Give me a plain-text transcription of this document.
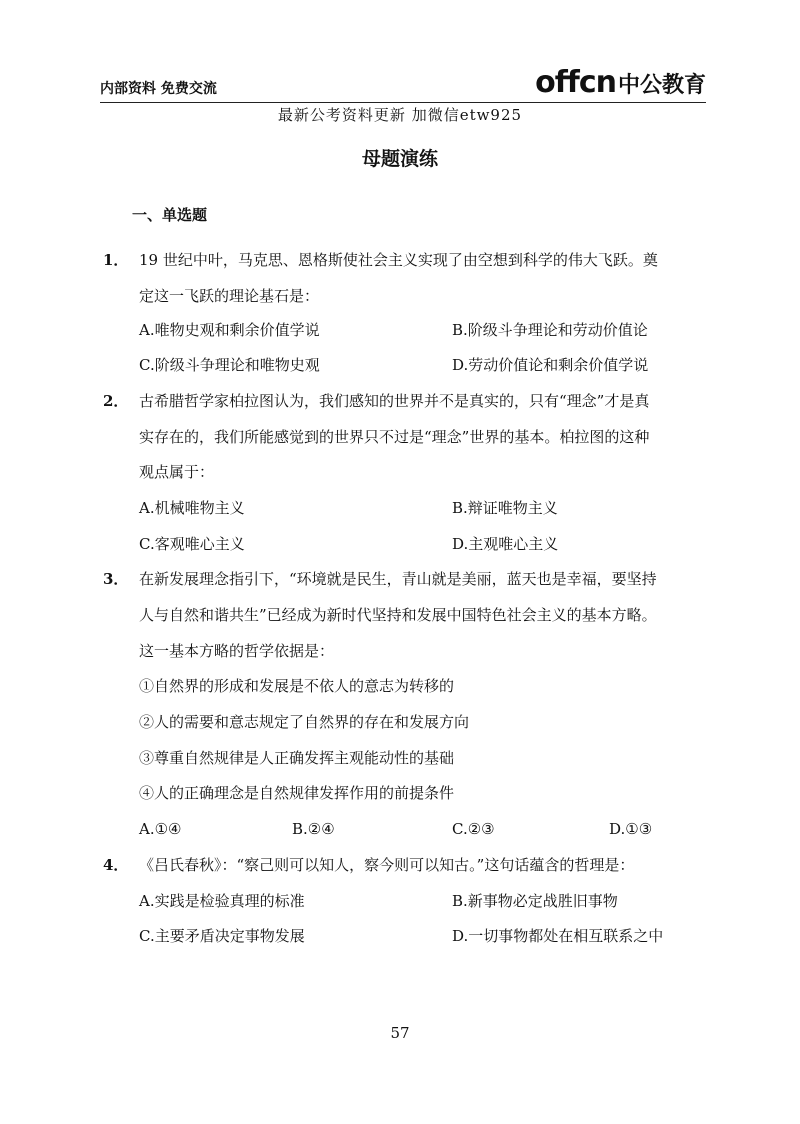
内部资料 免费交流	offcn中公教育
最新公考资料更新 加微信etw925
母题演练
一、单选题
1． 19 世纪中叶，马克思、恩格斯使社会主义实现了由空想到科学的伟大飞跃。奠
定这一飞跃的理论基石是：
A.唯物史观和剩余价值学说	B.阶级斗争理论和劳动价值论
C.阶级斗争理论和唯物史观	D.劳动价值论和剩余价值学说
2． 古希腊哲学家柏拉图认为，我们感知的世界并不是真实的，只有“理念”才是真
实存在的，我们所能感觉到的世界只不过是“理念”世界的基本。柏拉图的这种
观点属于：
A.机械唯物主义	B.辩证唯物主义
C.客观唯心主义	D.主观唯心主义
3． 在新发展理念指引下，“环境就是民生，青山就是美丽，蓝天也是幸福，要坚持
人与自然和谐共生”已经成为新时代坚持和发展中国特色社会主义的基本方略。
这一基本方略的哲学依据是：
①自然界的形成和发展是不依人的意志为转移的
②人的需要和意志规定了自然界的存在和发展方向
③尊重自然规律是人正确发挥主观能动性的基础
④人的正确理念是自然规律发挥作用的前提条件
A.①④	B.②④	C.②③	D.①③
4． 《吕氏春秋》：“察己则可以知人，察今则可以知古。”这句话蕴含的哲理是：
A.实践是检验真理的标准	B.新事物必定战胜旧事物
C.主要矛盾决定事物发展	D.一切事物都处在相互联系之中
57
